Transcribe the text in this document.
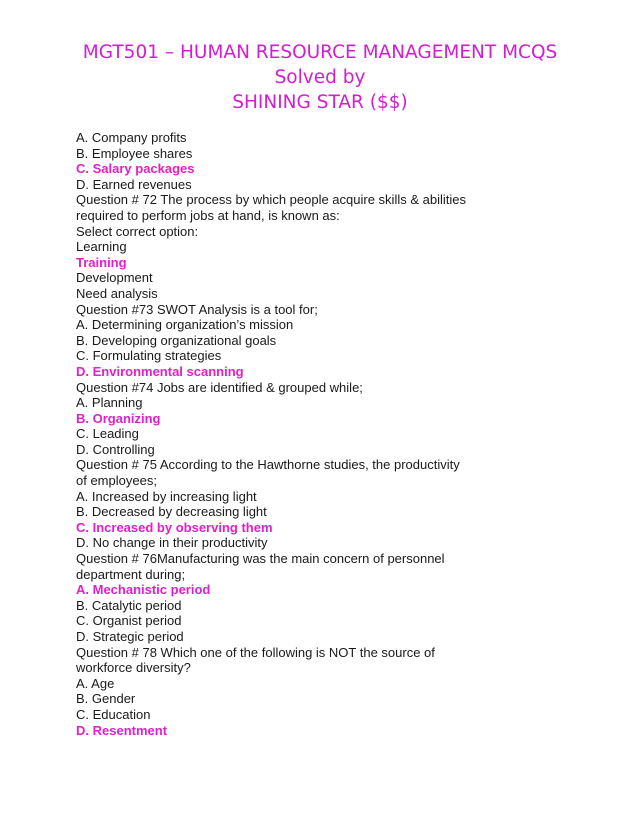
MGT501 – HUMAN RESOURCE MANAGEMENT MCQS
Solved by
SHINING STAR ($$)
A. Company profits
B. Employee shares
C. Salary packages
D. Earned revenues
Question # 72 The process by which people acquire skills & abilities
required to perform jobs at hand, is known as:
Select correct option:
Learning
Training
Development
Need analysis
Question #73 SWOT Analysis is a tool for;
A. Determining organization’s mission
B. Developing organizational goals
C. Formulating strategies
D. Environmental scanning
Question #74 Jobs are identified & grouped while;
A. Planning
B. Organizing
C. Leading
D. Controlling
Question # 75 According to the Hawthorne studies, the productivity
of employees;
A. Increased by increasing light
B. Decreased by decreasing light
C. Increased by observing them
D. No change in their productivity
Question # 76Manufacturing was the main concern of personnel
department during;
A. Mechanistic period
B. Catalytic period
C. Organist period
D. Strategic period
Question # 78 Which one of the following is NOT the source of
workforce diversity?
A. Age
B. Gender
C. Education
D. Resentment
